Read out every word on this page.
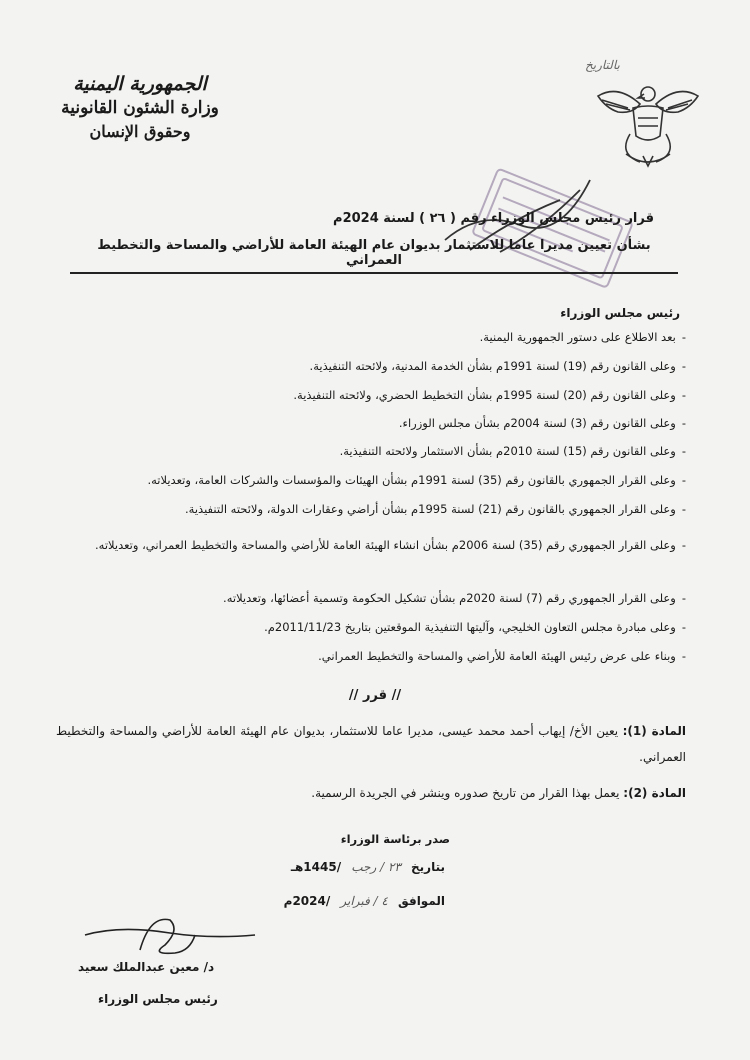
الجمهورية اليمنية
وزارة الشئون القانونية
وحقوق الإنسان
بالتاريخ
قرار رئيس مجلس الوزراء رقم ( ٢٦ ) لسنة 2024م
بشأن تعيين مديرا عاما للاستثمار بديوان عام الهيئة العامة للأراضي والمساحة والتخطيط العمراني
رئيس مجلس الوزراء
-بعد الاطلاع على دستور الجمهورية اليمنية.
-وعلى القانون رقم (19) لسنة 1991م بشأن الخدمة المدنية، ولائحته التنفيذية.
-وعلى القانون رقم (20) لسنة 1995م بشأن التخطيط الحضري، ولائحته التنفيذية.
-وعلى القانون رقم (3) لسنة 2004م بشأن مجلس الوزراء.
-وعلى القانون رقم (15) لسنة 2010م بشأن الاستثمار ولائحته التنفيذية.
-وعلى القرار الجمهوري بالقانون رقم (35) لسنة 1991م بشأن الهيئات والمؤسسات والشركات العامة، وتعديلاته.
-وعلى القرار الجمهوري بالقانون رقم (21) لسنة 1995م بشأن أراضي وعقارات الدولة، ولائحته التنفيذية.
-وعلى القرار الجمهوري رقم (35) لسنة 2006م بشأن انشاء الهيئة العامة للأراضي والمساحة والتخطيط العمراني، وتعديلاته.
-وعلى القرار الجمهوري رقم (7) لسنة 2020م بشأن تشكيل الحكومة وتسمية أعضائها، وتعديلاته.
-وعلى مبادرة مجلس التعاون الخليجي، وآليتها التنفيذية الموقعتين بتاريخ 2011/11/23م.
-وبناء على عرض رئيس الهيئة العامة للأراضي والمساحة والتخطيط العمراني.
// قرر //
المادة (1): يعين الأخ/ إيهاب أحمد محمد عيسى، مديرا عاما للاستثمار، بديوان عام الهيئة العامة للأراضي والمساحة والتخطيط العمراني.
المادة (2): يعمل بهذا القرار من تاريخ صدوره وينشر في الجريدة الرسمية.
صدر برئاسة الوزراء
بتاريخ ٢٣ / رجب /1445هـ
الموافق ٤ / فبراير /2024م
د/ معين عبدالملك سعيد
رئيس مجلس الوزراء
